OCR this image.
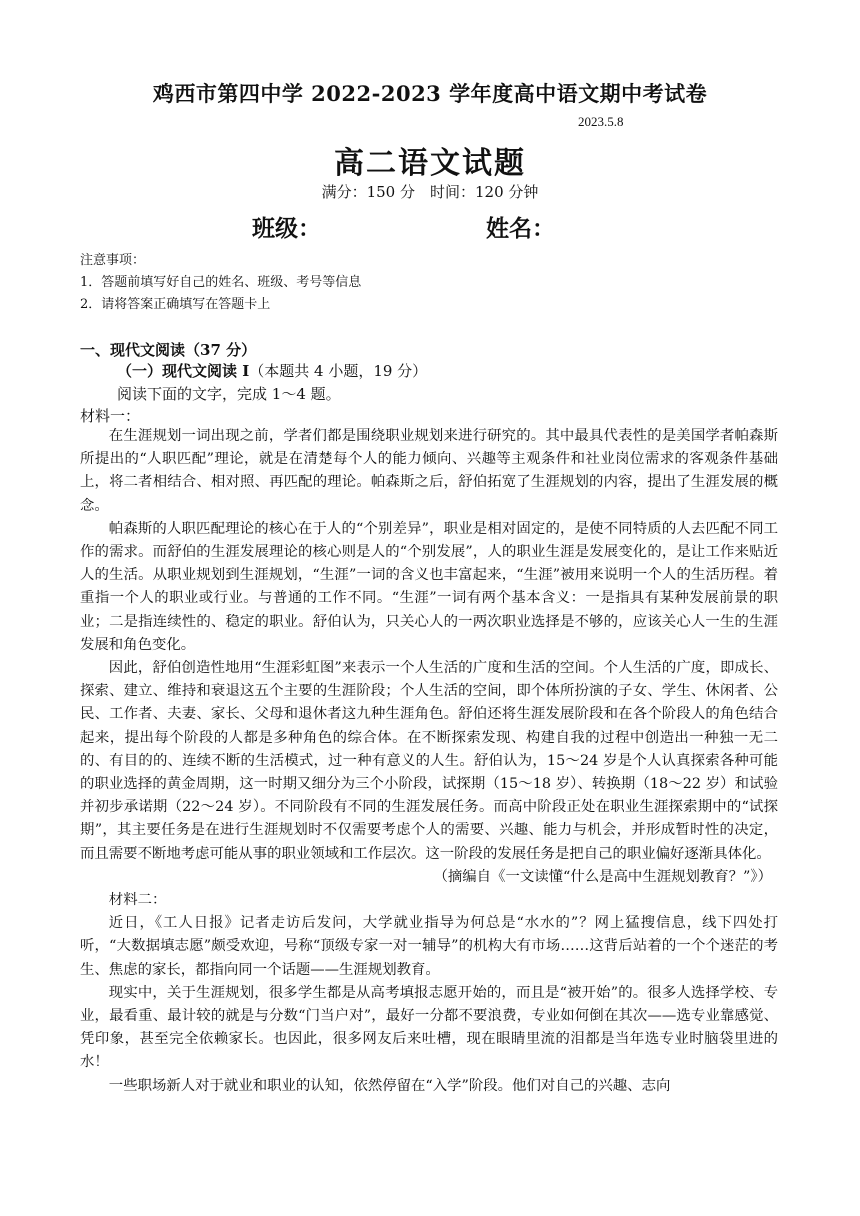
鸡西市第四中学 2022-2023 学年度高中语文期中考试卷
2023.5.8
高二语文试题
满分：150 分　时间：120 分钟
班级：	姓名：
注意事项：
1．答题前填写好自己的姓名、班级、考号等信息
2．请将答案正确填写在答题卡上
一、现代文阅读（37 分）
（一）现代文阅读 I（本题共 4 小题，19 分）
阅读下面的文字，完成 1～4 题。
材料一：

在生涯规划一词出现之前，学者们都是围绕职业规划来进行研究的。其中最具代表性的是美国学者帕森斯所提出的“人职匹配”理论，就是在清楚每个人的能力倾向、兴趣等主观条件和社业岗位需求的客观条件基础上，将二者相结合、相对照、再匹配的理论。帕森斯之后，舒伯拓宽了生涯规划的内容，提出了生涯发展的概念。

帕森斯的人职匹配理论的核心在于人的“个别差异”，职业是相对固定的，是使不同特质的人去匹配不同工作的需求。而舒伯的生涯发展理论的核心则是人的“个别发展”，人的职业生涯是发展变化的，是让工作来贴近人的生活。从职业规划到生涯规划，“生涯”一词的含义也丰富起来，“生涯”被用来说明一个人的生活历程。着重指一个人的职业或行业。与普通的工作不同。“生涯”一词有两个基本含义：一是指具有某种发展前景的职业；二是指连续性的、稳定的职业。舒伯认为，只关心人的一两次职业选择是不够的，应该关心人一生的生涯发展和角色变化。

因此，舒伯创造性地用“生涯彩虹图”来表示一个人生活的广度和生活的空间。个人生活的广度，即成长、探索、建立、维持和衰退这五个主要的生涯阶段；个人生活的空间，即个体所扮演的子女、学生、休闲者、公民、工作者、夫妻、家长、父母和退休者这九种生涯角色。舒伯还将生涯发展阶段和在各个阶段人的角色结合起来，提出每个阶段的人都是多种角色的综合体。在不断探索发现、构建自我的过程中创造出一种独一无二的、有目的的、连续不断的生活模式，过一种有意义的人生。舒伯认为，15～24 岁是个人认真探索各种可能的职业选择的黄金周期，这一时期又细分为三个小阶段，试探期（15～18 岁）、转换期（18～22 岁）和试验并初步承诺期（22～24 岁）。不同阶段有不同的生涯发展任务。而高中阶段正处在职业生涯探索期中的“试探期”，其主要任务是在进行生涯规划时不仅需要考虑个人的需要、兴趣、能力与机会，并形成暂时性的决定，而且需要不断地考虑可能从事的职业领域和工作层次。这一阶段的发展任务是把自己的职业偏好逐渐具体化。

（摘编自《一文读懂“什么是高中生涯规划教育？”》）

材料二：

近日，《工人日报》记者走访后发问，大学就业指导为何总是“水水的”？网上猛搜信息，线下四处打听，“大数据填志愿”颇受欢迎，号称“顶级专家一对一辅导”的机构大有市场……这背后站着的一个个迷茫的考生、焦虑的家长，都指向同一个话题——生涯规划教育。

现实中，关于生涯规划，很多学生都是从高考填报志愿开始的，而且是“被开始”的。很多人选择学校、专业，最看重、最计较的就是与分数“门当户对”，最好一分都不要浪费，专业如何倒在其次——选专业靠感觉、凭印象，甚至完全依赖家长。也因此，很多网友后来吐槽，现在眼睛里流的泪都是当年选专业时脑袋里进的水！

一些职场新人对于就业和职业的认知，依然停留在“入学”阶段。他们对自己的兴趣、志向
